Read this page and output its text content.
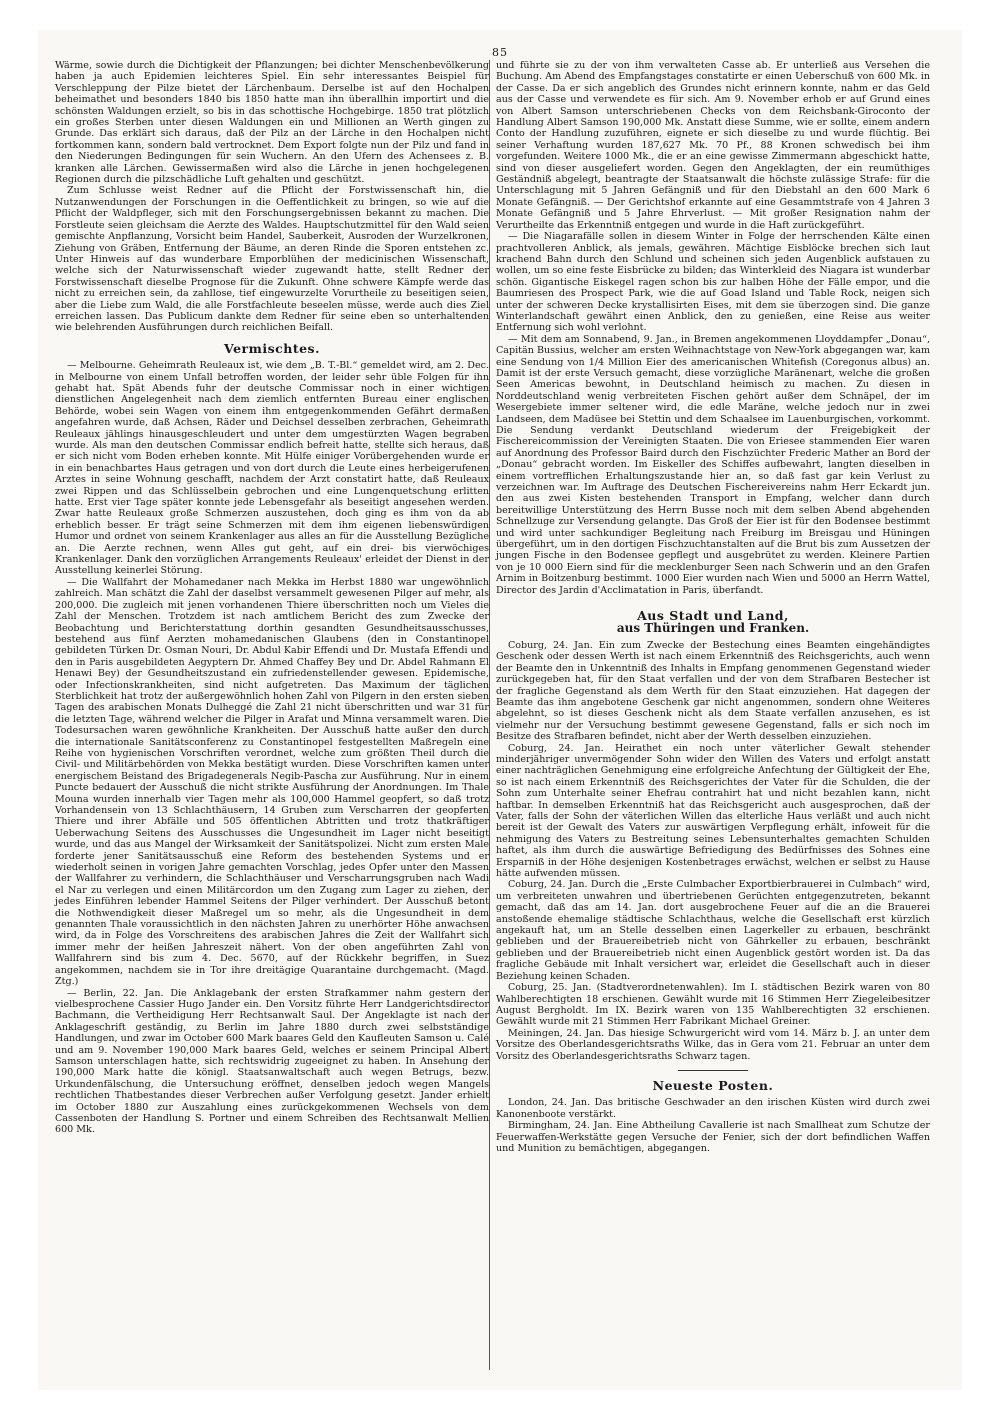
85

Wärme, sowie durch die Dichtigkeit der Pflanzungen; bei dichter Menschenbevölkerung haben ja auch Epidemien leichteres Spiel. Ein sehr interessantes Beispiel für Verschleppung der Pilze bietet der Lärchenbaum. Derselbe ist auf den Hochalpen beheimathet und besonders 1840 bis 1850 hatte man ihn überallhin importirt und die schönsten Waldungen erzielt, so bis in das schottische Hochgebirge. 1850 trat plötzlich ein großes Sterben unter diesen Waldungen ein und Millionen an Werth gingen zu Grunde. Das erklärt sich daraus, daß der Pilz an der Lärche in den Hochalpen nicht fortkommen kann, sondern bald vertrocknet. Dem Export folgte nun der Pilz und fand in den Niederungen Bedingungen für sein Wuchern. An den Ufern des Achensees z. B. kranken alle Lärchen. Gewissermaßen wird also die Lärche in jenen hochgelegenen Regionen durch die pilzschädliche Luft gehalten und geschützt.

Zum Schlusse weist Redner auf die Pflicht der Forstwissenschaft hin, die Nutzanwendungen der Forschungen in die Oeffentlichkeit zu bringen, so wie auf die Pflicht der Waldpfleger, sich mit den Forschungsergebnissen bekannt zu machen. Die Forstleute seien gleichsam die Aerzte des Waldes. Hauptschutzmittel für den Wald seien gemischte Anpflanzung, Vorsicht beim Handel, Sauberkeit, Ausroden der Wurzelkronen, Ziehung von Gräben, Entfernung der Bäume, an deren Rinde die Sporen entstehen zc. Unter Hinweis auf das wunderbare Emporblühen der medicinischen Wissenschaft, welche sich der Naturwissenschaft wieder zugewandt hatte, stellt Redner der Forstwissenschaft dieselbe Prognose für die Zukunft. Ohne schwere Kämpfe werde das nicht zu erreichen sein, da zahllose, tief eingewurzelte Vorurtheile zu beseitigen seien, aber die Liebe zum Wald, die alle Forstfachleute beseelen müsse, werde auch dies Ziel erreichen lassen. Das Publicum dankte dem Redner für seine eben so unterhaltenden wie belehrenden Ausführungen durch reichlichen Beifall.

Vermischtes.

— Melbourne. Geheimrath Reuleaux ist, wie dem „B. T.-Bl.“ gemeldet wird, am 2. Dec. in Melbourne von einem Unfall betroffen worden, der leider sehr üble Folgen für ihn gehabt hat. Spät Abends fuhr der deutsche Commissar noch in einer wichtigen dienstlichen Angelegenheit nach dem ziemlich entfernten Bureau einer englischen Behörde, wobei sein Wagen von einem ihm entgegenkommenden Gefährt dermaßen angefahren wurde, daß Achsen, Räder und Deichsel desselben zerbrachen, Geheimrath Reuleaux jählings hinausgeschleudert und unter dem umgestürzten Wagen begraben wurde. Als man den deutschen Commissar endlich befreit hatte, stellte sich heraus, daß er sich nicht vom Boden erheben konnte. Mit Hülfe einiger Vorübergehenden wurde er in ein benachbartes Haus getragen und von dort durch die Leute eines herbeigerufenen Arztes in seine Wohnung geschafft, nachdem der Arzt constatirt hatte, daß Reuleaux zwei Rippen und das Schlüsselbein gebrochen und eine Lungenquetschung erlitten hatte. Erst vier Tage später konnte jede Lebensgefahr als beseitigt angesehen werden. Zwar hatte Reuleaux große Schmerzen auszustehen, doch ging es ihm von da ab erheblich besser. Er trägt seine Schmerzen mit dem ihm eigenen liebenswürdigen Humor und ordnet von seinem Krankenlager aus alles an für die Ausstellung Bezügliche an. Die Aerzte rechnen, wenn Alles gut geht, auf ein drei- bis vierwöchiges Krankenlager. Dank den vorzüglichen Arrangements Reuleaux' erleidet der Dienst in der Ausstellung keinerlei Störung.

— Die Wallfahrt der Mohamedaner nach Mekka im Herbst 1880 war ungewöhnlich zahlreich. Man schätzt die Zahl der daselbst versammelt gewesenen Pilger auf mehr, als 200,000. Die zugleich mit jenen vorhandenen Thiere überschritten noch um Vieles die Zahl der Menschen. Trotzdem ist nach amtlichem Bericht des zum Zwecke der Beobachtung und Berichterstattung dorthin gesandten Gesundheitsausschusses, bestehend aus fünf Aerzten mohamedanischen Glaubens (den in Constantinopel gebildeten Türken Dr. Osman Nouri, Dr. Abdul Kabir Effendi und Dr. Mustafa Effendi und den in Paris ausgebildeten Aegyptern Dr. Ahmed Chaffey Bey und Dr. Abdel Rahmann El Henawi Bey) der Gesundheitszustand ein zufriedenstellender gewesen. Epidemische, oder Infectionskrankheiten, sind nicht aufgetreten. Das Maximum der täglichen Sterblichkeit hat trotz der außergewöhnlich hohen Zahl von Pilgern in den ersten sieben Tagen des arabischen Monats Dulheggé die Zahl 21 nicht überschritten und war 31 für die letzten Tage, während welcher die Pilger in Arafat und Minna versammelt waren. Die Todesursachen waren gewöhnliche Krankheiten. Der Ausschuß hatte außer den durch die internationale Sanitätsconferenz zu Constantinopel festgestellten Maßregeln eine Reihe von hygienischen Vorschriften verordnet, welche zum größten Theil durch die Civil- und Militärbehörden von Mekka bestätigt wurden. Diese Vorschriften kamen unter energischem Beistand des Brigadegenerals Negib-Pascha zur Ausführung. Nur in einem Puncte bedauert der Ausschuß die nicht strikte Ausführung der Anordnungen. Im Thale Mouna wurden innerhalb vier Tagen mehr als 100,000 Hammel geopfert, so daß trotz Vorhandensein von 13 Schlachthäusern, 14 Gruben zum Verscharren der geopferten Thiere und ihrer Abfälle und 505 öffentlichen Abtritten und trotz thatkräftiger Ueberwachung Seitens des Ausschusses die Ungesundheit im Lager nicht beseitigt wurde, und das aus Mangel der Wirksamkeit der Sanitätspolizei. Nicht zum ersten Male forderte jener Sanitätsausschuß eine Reform des bestehenden Systems und er wiederholt seinen in vorigen Jahre gemachten Vorschlag, jedes Opfer unter den Massen der Wallfahrer zu verhindern, die Schlachthäuser und Verscharrungsgruben nach Wadi el Nar zu verlegen und einen Militärcordon um den Zugang zum Lager zu ziehen, der jedes Einführen lebender Hammel Seitens der Pilger verhindert. Der Ausschuß betont die Nothwendigkeit dieser Maßregel um so mehr, als die Ungesundheit in dem genannten Thale voraussichtlich in den nächsten Jahren zu unerhörter Höhe anwachsen wird, da in Folge des Vorschreitens des arabischen Jahres die Zeit der Wallfahrt sich immer mehr der heißen Jahreszeit nähert. Von der oben angeführten Zahl von Wallfahrern sind bis zum 4. Dec. 5670, auf der Rückkehr begriffen, in Suez angekommen, nachdem sie in Tor ihre dreitägige Quarantaine durchgemacht. (Magd. Ztg.)

— Berlin, 22. Jan. Die Anklagebank der ersten Strafkammer nahm gestern der vielbesprochene Cassier Hugo Jander ein. Den Vorsitz führte Herr Landgerichtsdirector Bachmann, die Vertheidigung Herr Rechtsanwalt Saul. Der Angeklagte ist nach der Anklageschrift geständig, zu Berlin im Jahre 1880 durch zwei selbstständige Handlungen, und zwar im October 600 Mark baares Geld den Kaufleuten Samson u. Calé und am 9. November 190,000 Mark baares Geld, welches er seinem Principal Albert Samson unterschlagen hatte, sich rechtswidrig zugeeignet zu haben. In Ansehung der 190,000 Mark hatte die königl. Staatsanwaltschaft auch wegen Betrugs, bezw. Urkundenfälschung, die Untersuchung eröffnet, denselben jedoch wegen Mangels rechtlichen Thatbestandes dieser Verbrechen außer Verfolgung gesetzt. Jander erhielt im October 1880 zur Auszahlung eines zurückgekommenen Wechsels von dem Cassenboten der Handlung S. Portner und einem Schreiben des Rechtsanwalt Mellien 600 Mk.

und führte sie zu der von ihm verwalteten Casse ab. Er unterließ aus Versehen die Buchung. Am Abend des Empfangstages constatirte er einen Ueberschuß von 600 Mk. in der Casse. Da er sich angeblich des Grundes nicht erinnern konnte, nahm er das Geld aus der Casse und verwendete es für sich. Am 9. November erhob er auf Grund eines von Albert Samson unterschriebenen Checks von dem Reichsbank-Giroconto der Handlung Albert Samson 190,000 Mk. Anstatt diese Summe, wie er sollte, einem andern Conto der Handlung zuzuführen, eignete er sich dieselbe zu und wurde flüchtig. Bei seiner Verhaftung wurden 187,627 Mk. 70 Pf., 88 Kronen schwedisch bei ihm vorgefunden. Weitere 1000 Mk., die er an eine gewisse Zimmermann abgeschickt hatte, sind von dieser ausgeliefert worden. Gegen den Angeklagten, der ein reumüthiges Geständniß abgelegt, beantragte der Staatsanwalt die höchste zulässige Strafe: für die Unterschlagung mit 5 Jahren Gefängniß und für den Diebstahl an den 600 Mark 6 Monate Gefängniß. — Der Gerichtshof erkannte auf eine Gesammtstrafe von 4 Jahren 3 Monate Gefängniß und 5 Jahre Ehrverlust. — Mit großer Resignation nahm der Verurtheilte das Erkenntniß entgegen und wurde in die Haft zurückgeführt.

— Die Niagarafälle sollen in diesem Winter in Folge der herrschenden Kälte einen prachtvolleren Anblick, als jemals, gewähren. Mächtige Eisblöcke brechen sich laut krachend Bahn durch den Schlund und scheinen sich jeden Augenblick aufstauen zu wollen, um so eine feste Eisbrücke zu bilden; das Winterkleid des Niagara ist wunderbar schön. Gigantische Eiskegel ragen schon bis zur halben Höhe der Fälle empor, und die Baumriesen des Prospect Park, wie die auf Goad Island und Table Rock, neigen sich unter der schweren Decke krystallisirten Eises, mit dem sie überzogen sind. Die ganze Winterlandschaft gewährt einen Anblick, den zu genießen, eine Reise aus weiter Entfernung sich wohl verlohnt.

— Mit dem am Sonnabend, 9. Jan., in Bremen angekommenen Lloyddampfer „Donau“, Capitän Bussius, welcher am ersten Weihnachtstage von New-York abgegangen war, kam eine Sendung von 1/4 Million Eier des americanischen Whitefish (Coregonus albus) an. Damit ist der erste Versuch gemacht, diese vorzügliche Maränenart, welche die großen Seen Americas bewohnt, in Deutschland heimisch zu machen. Zu diesen in Norddeutschland wenig verbreiteten Fischen gehört außer dem Schnäpel, der im Wesergebiete immer seltener wird, die edle Maräne, welche jedoch nur in zwei Landseen, dem Madüsee bei Stettin und dem Schaalsee im Lauenburgischen, vorkommt. Die Sendung verdankt Deutschland wiederum der Freigebigkeit der Fischereicommission der Vereinigten Staaten. Die von Eriesee stammenden Eier waren auf Anordnung des Professor Baird durch den Fischzüchter Frederic Mather an Bord der „Donau“ gebracht worden. Im Eiskeller des Schiffes aufbewahrt, langten dieselben in einem vortrefflichen Erhaltungszustande hier an, so daß fast gar kein Verlust zu verzeichnen war. Im Auftrage des Deutschen Fischereivereins nahm Herr Eckardt jun. den aus zwei Kisten bestehenden Transport in Empfang, welcher dann durch bereitwillige Unterstützung des Herrn Busse noch mit dem selben Abend abgehenden Schnellzuge zur Versendung gelangte. Das Groß der Eier ist für den Bodensee bestimmt und wird unter sachkundiger Begleitung nach Freiburg im Breisgau und Hüningen übergeführt, um in den dortigen Fischzuchtanstalten auf die Brut bis zum Aussetzen der jungen Fische in den Bodensee gepflegt und ausgebrütet zu werden. Kleinere Partien von je 10 000 Eiern sind für die mecklenburger Seen nach Schwerin und an den Grafen Arnim in Boitzenburg bestimmt. 1000 Eier wurden nach Wien und 5000 an Herrn Wattel, Director des Jardin d'Acclimatation in Paris, überfandt.

Aus Stadt und Land,
aus Thüringen und Franken.

Coburg, 24. Jan. Ein zum Zwecke der Bestechung eines Beamten eingehändigtes Geschenk oder dessen Werth ist nach einem Erkenntniß des Reichsgerichts, auch wenn der Beamte den in Unkenntniß des Inhalts in Empfang genommenen Gegenstand wieder zurückgegeben hat, für den Staat verfallen und der von dem Strafbaren Bestecher ist der fragliche Gegenstand als dem Werth für den Staat einzuziehen. Hat dagegen der Beamte das ihm angebotene Geschenk gar nicht angenommen, sondern ohne Weiteres abgelehnt, so ist dieses Geschenk nicht als dem Staate verfallen anzusehen, es ist vielmehr nur der Versuchung bestimmt gewesene Gegenstand, falls er sich noch im Besitze des Strafbaren befindet, nicht aber der Werth desselben einzuziehen.

Coburg, 24. Jan. Heirathet ein noch unter väterlicher Gewalt stehender minderjähriger unvermögender Sohn wider den Willen des Vaters und erfolgt anstatt einer nachträglichen Genehmigung eine erfolgreiche Anfechtung der Gültigkeit der Ehe, so ist nach einem Erkenntniß des Reichsgerichtes der Vater für die Schulden, die der Sohn zum Unterhalte seiner Ehefrau contrahirt hat und nicht bezahlen kann, nicht haftbar. In demselben Erkenntniß hat das Reichsgericht auch ausgesprochen, daß der Vater, falls der Sohn der väterlichen Willen das elterliche Haus verläßt und auch nicht bereit ist der Gewalt des Vaters zur auswärtigen Verpflegung erhält, infoweit für die nehmigung des Vaters zu Bestreitung seines Lebensunterhaltes gemachten Schulden haftet, als ihm durch die auswärtige Befriedigung des Bedürfnisses des Sohnes eine Ersparniß in der Höhe desjenigen Kostenbetrages erwächst, welchen er selbst zu Hause hätte aufwenden müssen.

Coburg, 24. Jan. Durch die „Erste Culmbacher Exportbierbrauerei in Culmbach“ wird, um verbreiteten unwahren und übertriebenen Gerüchten entgegenzutreten, bekannt gemacht, daß das am 14. Jan. dort ausgebrochene Feuer auf die an die Brauerei anstoßende ehemalige städtische Schlachthaus, welche die Gesellschaft erst kürzlich angekauft hat, um an Stelle desselben einen Lagerkeller zu erbauen, beschränkt geblieben und der Brauereibetrieb nicht von Gährkeller zu erbauen, beschränkt geblieben und der Brauereibetrieb nicht einen Augenblick gestört worden ist. Da das fragliche Gebäude mit Inhalt versichert war, erleidet die Gesellschaft auch in dieser Beziehung keinen Schaden.

Coburg, 25. Jan. (Stadtverordnetenwahlen). Im I. städtischen Bezirk waren von 80 Wahlberechtigten 18 erschienen. Gewählt wurde mit 16 Stimmen Herr Ziegeleibesitzer August Bergholdt. Im IX. Bezirk waren von 135 Wahlberechtigten 32 erschienen. Gewählt wurde mit 21 Stimmen Herr Fabrikant Michael Greiner.

Meiningen, 24. Jan. Das hiesige Schwurgericht wird vom 14. März b. J. an unter dem Vorsitze des Oberlandesgerichtsraths Wilke, das in Gera vom 21. Februar an unter dem Vorsitz des Oberlandesgerichtsraths Schwarz tagen.

Neueste Posten.

London, 24. Jan. Das britische Geschwader an den irischen Küsten wird durch zwei Kanonenboote verstärkt.

Birmingham, 24. Jan. Eine Abtheilung Cavallerie ist nach Smallheat zum Schutze der Feuerwaffen-Werkstätte gegen Versuche der Fenier, sich der dort befindlichen Waffen und Munition zu bemächtigen, abgegangen.
